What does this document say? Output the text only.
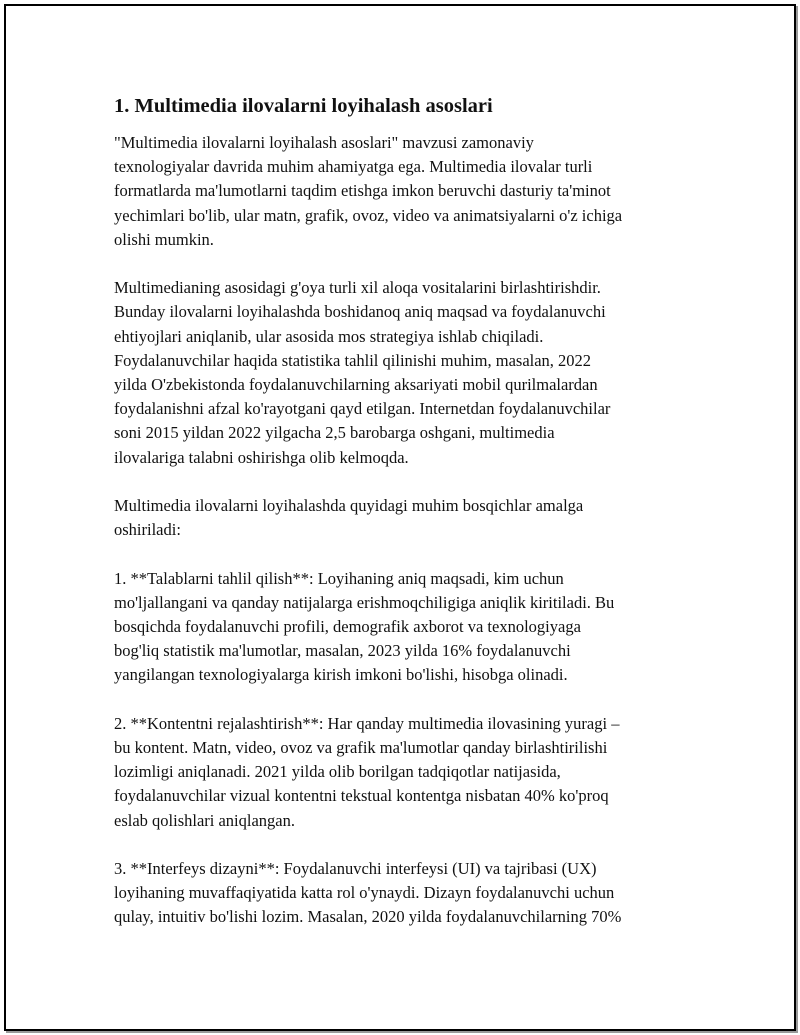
1. Multimedia ilovalarni loyihalash asoslari
"Multimedia ilovalarni loyihalash asoslari" mavzusi zamonaviy
texnologiyalar davrida muhim ahamiyatga ega. Multimedia ilovalar turli
formatlarda ma'lumotlarni taqdim etishga imkon beruvchi dasturiy ta'minot
yechimlari bo'lib, ular matn, grafik, ovoz, video va animatsiyalarni o'z ichiga
olishi mumkin.
Multimedianing asosidagi g'oya turli xil aloqa vositalarini birlashtirishdir.
Bunday ilovalarni loyihalashda boshidanoq aniq maqsad va foydalanuvchi
ehtiyojlari aniqlanib, ular asosida mos strategiya ishlab chiqiladi.
Foydalanuvchilar haqida statistika tahlil qilinishi muhim, masalan, 2022
yilda O'zbekistonda foydalanuvchilarning aksariyati mobil qurilmalardan
foydalanishni afzal ko'rayotgani qayd etilgan. Internetdan foydalanuvchilar
soni 2015 yildan 2022 yilgacha 2,5 barobarga oshgani, multimedia
ilovalariga talabni oshirishga olib kelmoqda.
Multimedia ilovalarni loyihalashda quyidagi muhim bosqichlar amalga
oshiriladi:
1. **Talablarni tahlil qilish**: Loyihaning aniq maqsadi, kim uchun
mo'ljallangani va qanday natijalarga erishmoqchiligiga aniqlik kiritiladi. Bu
bosqichda foydalanuvchi profili, demografik axborot va texnologiyaga
bog'liq statistik ma'lumotlar, masalan, 2023 yilda 16% foydalanuvchi
yangilangan texnologiyalarga kirish imkoni bo'lishi, hisobga olinadi.
2. **Kontentni rejalashtirish**: Har qanday multimedia ilovasining yuragi –
bu kontent. Matn, video, ovoz va grafik ma'lumotlar qanday birlashtirilishi
lozimligi aniqlanadi. 2021 yilda olib borilgan tadqiqotlar natijasida,
foydalanuvchilar vizual kontentni tekstual kontentga nisbatan 40% ko'proq
eslab qolishlari aniqlangan.
3. **Interfeys dizayni**: Foydalanuvchi interfeysi (UI) va tajribasi (UX)
loyihaning muvaffaqiyatida katta rol o'ynaydi. Dizayn foydalanuvchi uchun
qulay, intuitiv bo'lishi lozim. Masalan, 2020 yilda foydalanuvchilarning 70%
